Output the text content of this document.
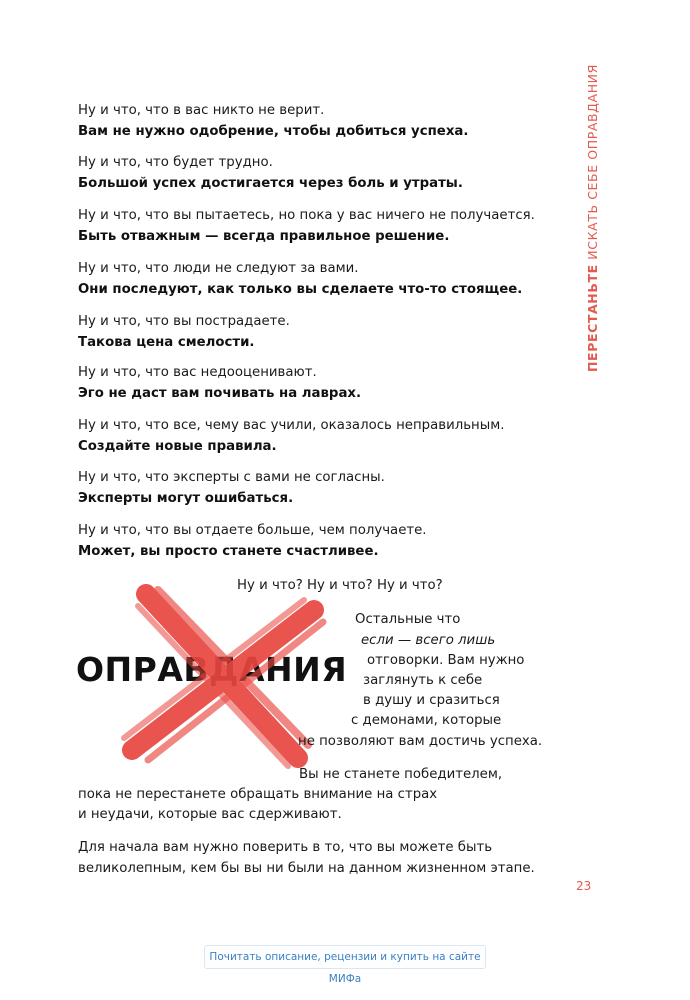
ПЕРЕСТАНЬТЕ ИСКАТЬ СЕБЕ ОПРАВДАНИЯ
Ну и что, что в вас никто не верит.
Вам не нужно одобрение, чтобы добиться успеха.
Ну и что, что будет трудно.
Большой успех достигается через боль и утраты.
Ну и что, что вы пытаетесь, но пока у вас ничего не получается.
Быть отважным — всегда правильное решение.
Ну и что, что люди не следуют за вами.
Они последуют, как только вы сделаете что-то стоящее.
Ну и что, что вы пострадаете.
Такова цена смелости.
Ну и что, что вас недооценивают.
Эго не даст вам почивать на лаврах.
Ну и что, что все, чему вас учили, оказалось неправильным.
Создайте новые правила.
Ну и что, что эксперты с вами не согласны.
Эксперты могут ошибаться.
Ну и что, что вы отдаете больше, чем получаете.
Может, вы просто станете счастливее.
Ну и что? Ну и что? Ну и что?
ОПРАВДАНИЯ
Остальные что
если — всего лишь
отговорки. Вам нужно
заглянуть к себе
в душу и сразиться
с демонами, которые
не позволяют вам достичь успеха.
Вы не станете победителем,
пока не перестанете обращать внимание на страх
и неудачи, которые вас сдерживают.
Для начала вам нужно поверить в то, что вы можете быть
великолепным, кем бы вы ни были на данном жизненном этапе.
23
Почитать описание, рецензии и купить на сайте МИФа
